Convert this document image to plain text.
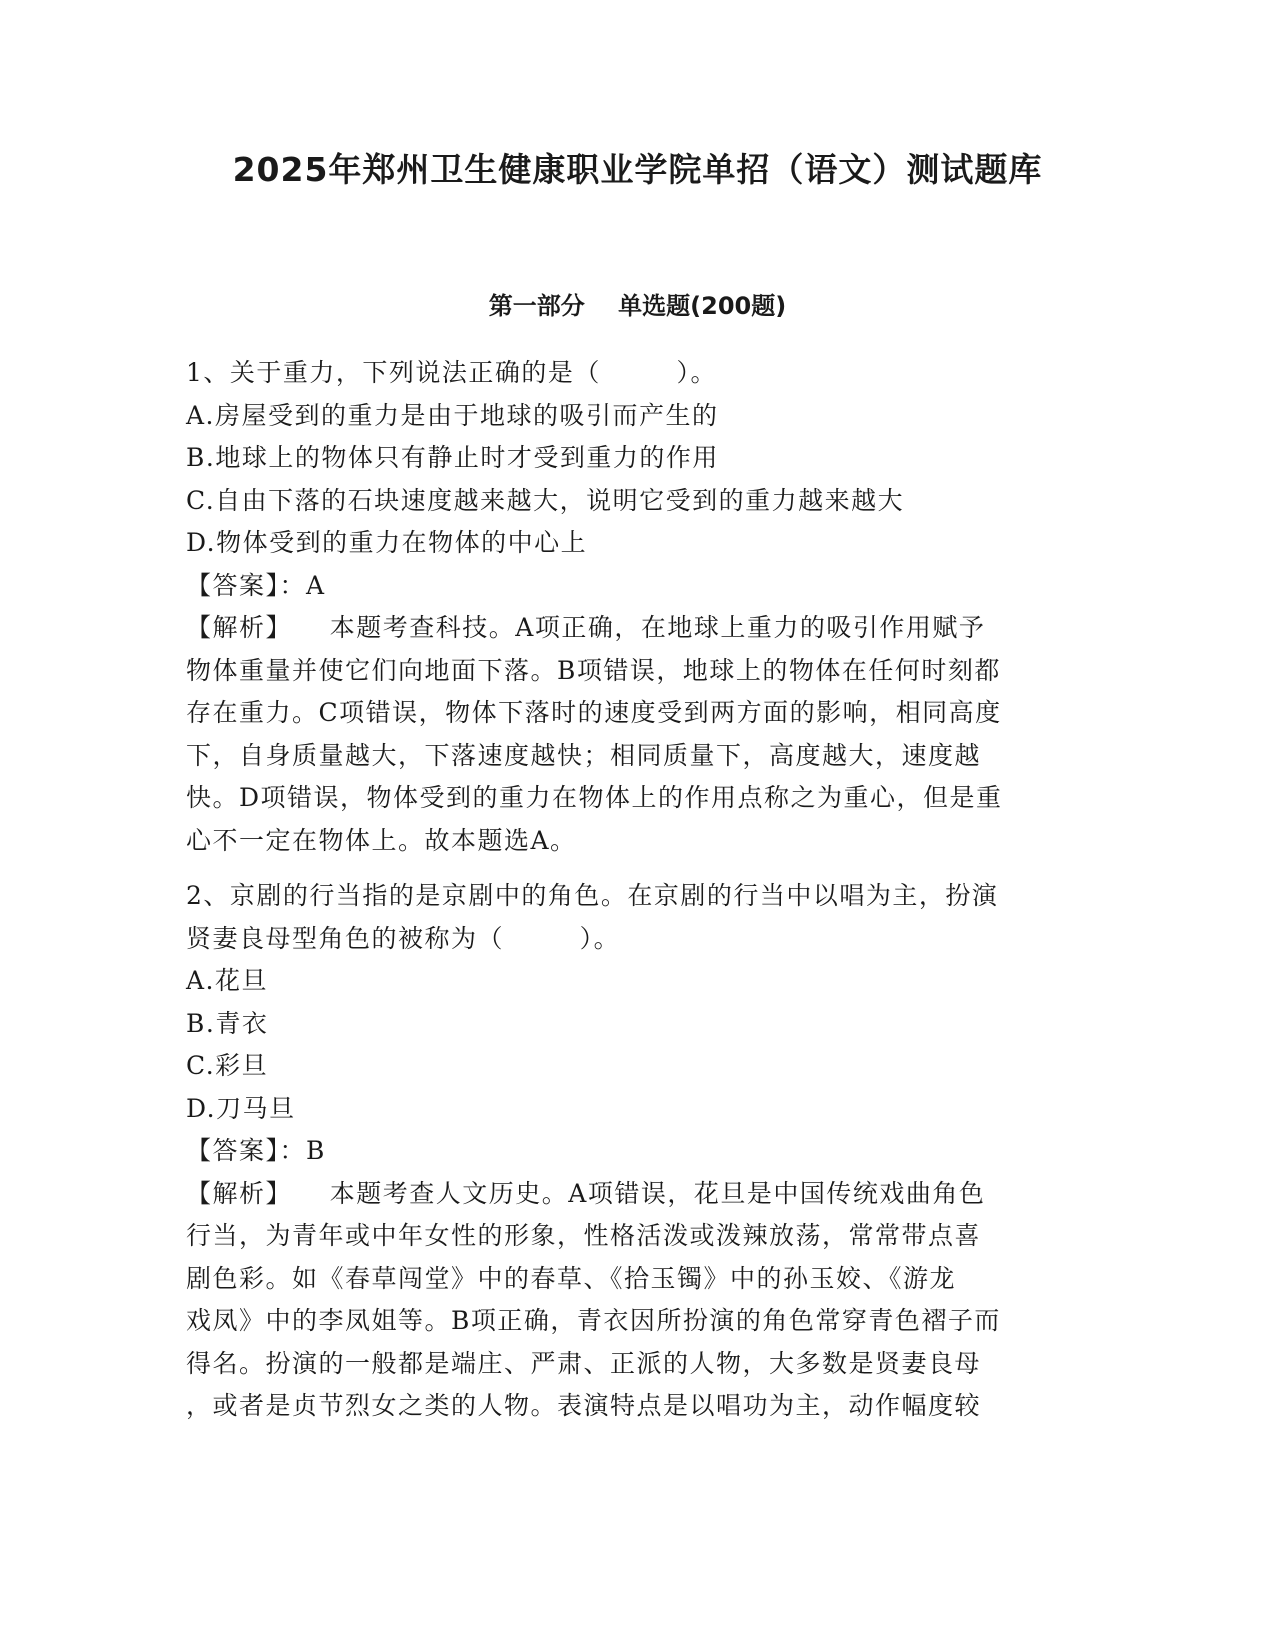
2025年郑州卫生健康职业学院单招（语文）测试题库
第一部分    单选题(200题)

1、关于重力，下列说法正确的是（        ）。

A.房屋受到的重力是由于地球的吸引而产生的

B.地球上的物体只有静止时才受到重力的作用

C.自由下落的石块速度越来越大，说明它受到的重力越来越大

D.物体受到的重力在物体的中心上

【答案】：A

【解析】    本题考查科技。A项正确，在地球上重力的吸引作用赋予

物体重量并使它们向地面下落。B项错误，地球上的物体在任何时刻都

存在重力。C项错误，物体下落时的速度受到两方面的影响，相同高度

下，自身质量越大，下落速度越快；相同质量下，高度越大，速度越

快。D项错误，物体受到的重力在物体上的作用点称之为重心，但是重

心不一定在物体上。故本题选A。

2、京剧的行当指的是京剧中的角色。在京剧的行当中以唱为主，扮演

贤妻良母型角色的被称为（        ）。

A.花旦

B.青衣

C.彩旦

D.刀马旦

【答案】：B

【解析】    本题考查人文历史。A项错误，花旦是中国传统戏曲角色

行当，为青年或中年女性的形象，性格活泼或泼辣放荡，常常带点喜

剧色彩。如《春草闯堂》中的春草、《拾玉镯》中的孙玉姣、《游龙

戏凤》中的李凤姐等。B项正确，青衣因所扮演的角色常穿青色褶子而

得名。扮演的一般都是端庄、严肃、正派的人物，大多数是贤妻良母

，或者是贞节烈女之类的人物。表演特点是以唱功为主，动作幅度较
